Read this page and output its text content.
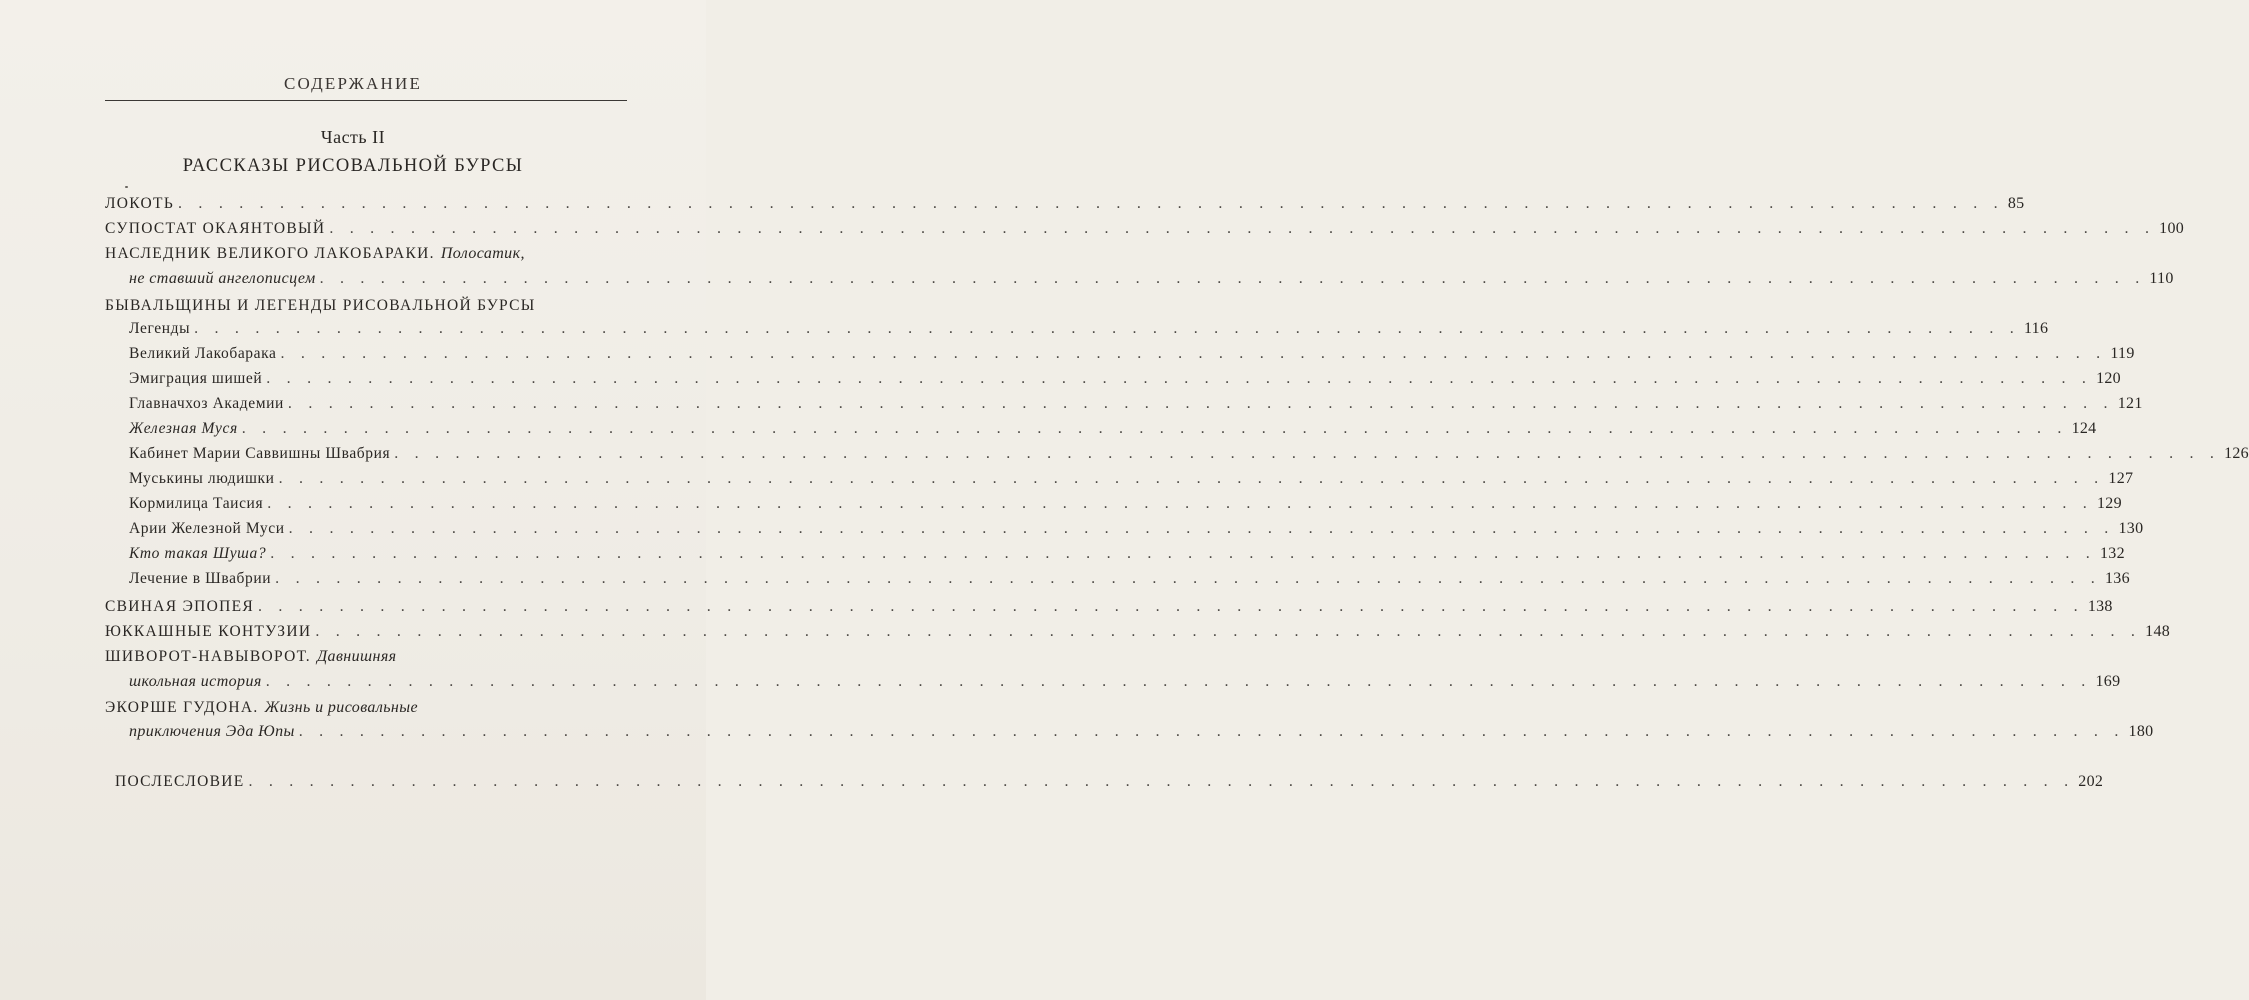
СОДЕРЖАНИЕ
Часть II
РАССКАЗЫ РИСОВАЛЬНОЙ БУРСЫ
ЛОКОТЬ . . . . . . . . . . . . . . . . . . . . . . . . . . . . . . . . . . . . . . . . . . . . . . . . . . . . . . . . . . . . . . . . . . . . . . . . . . . . . . . . . . . . . . . . . . 85
СУПОСТАТ ОКАЯНТОВЫЙ . . . . . . . . . . . . . . . . . . . . . . . . . . . . . . . . . . . . . . . . . . . . . . . . . . . . . . . . . . . . . . . . . . . . . . . . . . . . . . . . . . . . . . . . . . 100
НАСЛЕДНИК ВЕЛИКОГО ЛАКОБАРАКИ. Полосатик,
не ставший ангелописцем . . . . . . . . . . . . . . . . . . . . . . . . . . . . . . . . . . . . . . . . . . . . . . . . . . . . . . . . . . . . . . . . . . . . . . . . . . . . . . . . . . . . . . . . . . 110
БЫВАЛЬЩИНЫ И ЛЕГЕНДЫ РИСОВАЛЬНОЙ БУРСЫ
Легенды . . . . . . . . . . . . . . . . . . . . . . . . . . . . . . . . . . . . . . . . . . . . . . . . . . . . . . . . . . . . . . . . . . . . . . . . . . . . . . . . . . . . . . . . . . 116
Великий Лакобарака . . . . . . . . . . . . . . . . . . . . . . . . . . . . . . . . . . . . . . . . . . . . . . . . . . . . . . . . . . . . . . . . . . . . . . . . . . . . . . . . . . . . . . . . . . 119
Эмиграция шишей . . . . . . . . . . . . . . . . . . . . . . . . . . . . . . . . . . . . . . . . . . . . . . . . . . . . . . . . . . . . . . . . . . . . . . . . . . . . . . . . . . . . . . . . . . 120
Главначхоз Академии . . . . . . . . . . . . . . . . . . . . . . . . . . . . . . . . . . . . . . . . . . . . . . . . . . . . . . . . . . . . . . . . . . . . . . . . . . . . . . . . . . . . . . . . . . 121
Железная Муся . . . . . . . . . . . . . . . . . . . . . . . . . . . . . . . . . . . . . . . . . . . . . . . . . . . . . . . . . . . . . . . . . . . . . . . . . . . . . . . . . . . . . . . . . . 124
Кабинет Марии Саввишны Швабрия . . . . . . . . . . . . . . . . . . . . . . . . . . . . . . . . . . . . . . . . . . . . . . . . . . . . . . . . . . . . . . . . . . . . . . . . . . . . . . . . . . . . . . . . . . 126
Муськины людишки . . . . . . . . . . . . . . . . . . . . . . . . . . . . . . . . . . . . . . . . . . . . . . . . . . . . . . . . . . . . . . . . . . . . . . . . . . . . . . . . . . . . . . . . . . 127
Кормилица Таисия . . . . . . . . . . . . . . . . . . . . . . . . . . . . . . . . . . . . . . . . . . . . . . . . . . . . . . . . . . . . . . . . . . . . . . . . . . . . . . . . . . . . . . . . . . 129
Арии Железной Муси . . . . . . . . . . . . . . . . . . . . . . . . . . . . . . . . . . . . . . . . . . . . . . . . . . . . . . . . . . . . . . . . . . . . . . . . . . . . . . . . . . . . . . . . . . 130
Кто такая Шуша? . . . . . . . . . . . . . . . . . . . . . . . . . . . . . . . . . . . . . . . . . . . . . . . . . . . . . . . . . . . . . . . . . . . . . . . . . . . . . . . . . . . . . . . . . . 132
Лечение в Швабрии . . . . . . . . . . . . . . . . . . . . . . . . . . . . . . . . . . . . . . . . . . . . . . . . . . . . . . . . . . . . . . . . . . . . . . . . . . . . . . . . . . . . . . . . . . 136
СВИНАЯ ЭПОПЕЯ . . . . . . . . . . . . . . . . . . . . . . . . . . . . . . . . . . . . . . . . . . . . . . . . . . . . . . . . . . . . . . . . . . . . . . . . . . . . . . . . . . . . . . . . . . 138
ЮККАШНЫЕ КОНТУЗИИ . . . . . . . . . . . . . . . . . . . . . . . . . . . . . . . . . . . . . . . . . . . . . . . . . . . . . . . . . . . . . . . . . . . . . . . . . . . . . . . . . . . . . . . . . . 148
ШИВОРОТ-НАВЫВОРОТ. Давнишняя
школьная история . . . . . . . . . . . . . . . . . . . . . . . . . . . . . . . . . . . . . . . . . . . . . . . . . . . . . . . . . . . . . . . . . . . . . . . . . . . . . . . . . . . . . . . . . . 169
ЭКОРШЕ ГУДОНА. Жизнь и рисовальные
приключения Эда Юпы . . . . . . . . . . . . . . . . . . . . . . . . . . . . . . . . . . . . . . . . . . . . . . . . . . . . . . . . . . . . . . . . . . . . . . . . . . . . . . . . . . . . . . . . . . 180
ПОСЛЕСЛОВИЕ . . . . . . . . . . . . . . . . . . . . . . . . . . . . . . . . . . . . . . . . . . . . . . . . . . . . . . . . . . . . . . . . . . . . . . . . . . . . . . . . . . . . . . . . . . 202
